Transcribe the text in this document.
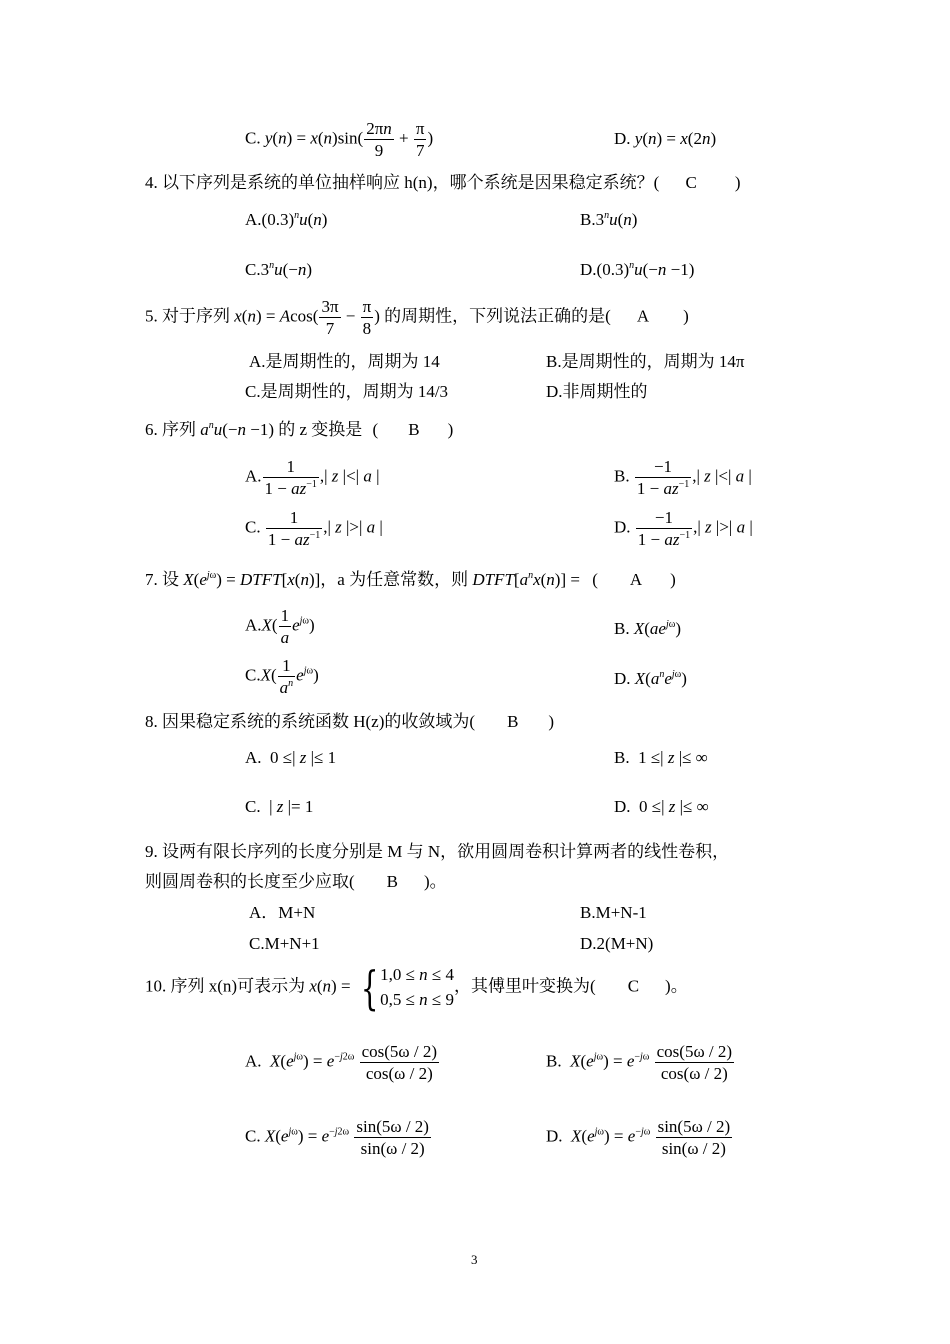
C. $y(n) = x(n)\sin( \frac{2\pi n}{9} + \frac{\pi}{7}$ )	D. y(n) = x(2n)
4. 以下序列是系统的单位抽样响应 h(n)，哪个系统是因果稳定系统？( C )
$A.(0.3)^nu(n)$	B.3$^n$u(n)
$C.3^nu(-n)$	$D.(0.3)^nu(-n -1)$
5. 对于序列 $x(n) = Acos( \frac{3\pi}{7} - \frac{\pi}{8}$ ) 的周期性，下列说法正确的是( A )
A.是周期性的，周期为 14	B.是周期性的，周期为 14π
C.是周期性的，周期为 14/3	D.非周期性的
6. 序列 $a^nu(-n -1)$ 的 z 变换是 ( B )
A. $\frac{1}{1 - az^{-1}}$ ,| z |<| a |	B. $\frac{-1}{1 - az^{-1}}$ ,| z |<| a |
C. $\frac{1}{1 - az^{-1}}$ ,| z |>| a |	D. $\frac{-1}{1 - az^{-1}}$ ,| z |>| a |
7. 设 $X(e^{j\omega})$ = DTFT[x(n)]，a 为任意常数，则 $DTFT[a^nx(n)]$ = ( A )
$A.X( \frac{1}{a} e^{j\omega})$	B. $X(ae^{j\omega})$
$C.X( \frac{1}{a^n} e^{j\omega})$	D. $X(a^ne^{j\omega})$
8. 因果稳定系统的系统函数 H(z)的收敛域为( B )
A.  0 ≤| z |≤ 1	B.  1 ≤| z |≤ ∞
C.  | z |= 1	D.  0 ≤| z |≤ ∞
9. 设两有限长序列的长度分别是 M 与 N，欲用圆周卷积计算两者的线性卷积，
则圆周卷积的长度至少应取( B )。
A．M+N	B.M+N-1
C.M+N+1	D.2(M+N)
10. 序列 x(n)可表示为 x(n) = { 1,0 ≤ n ≤ 4
0,5 ≤ n ≤ 9
，其傅里叶变换为( C )。
A. $X(e^{j\omega}) = e^{-j2\omega} \frac{\cos(5\omega / 2)}{\cos(\omega / 2)}$	B. $X(e^{j\omega}) = e^{-j\omega} \frac{\cos(5\omega / 2)}{\cos(\omega / 2)}$
C. $X(e^{j\omega}) = e^{-j2\omega} \frac{\sin(5\omega / 2)}{\sin(\omega / 2)}$	D. $X(e^{j\omega}) = e^{-j\omega} \frac{\sin(5\omega / 2)}{\sin(\omega / 2)}$
3
